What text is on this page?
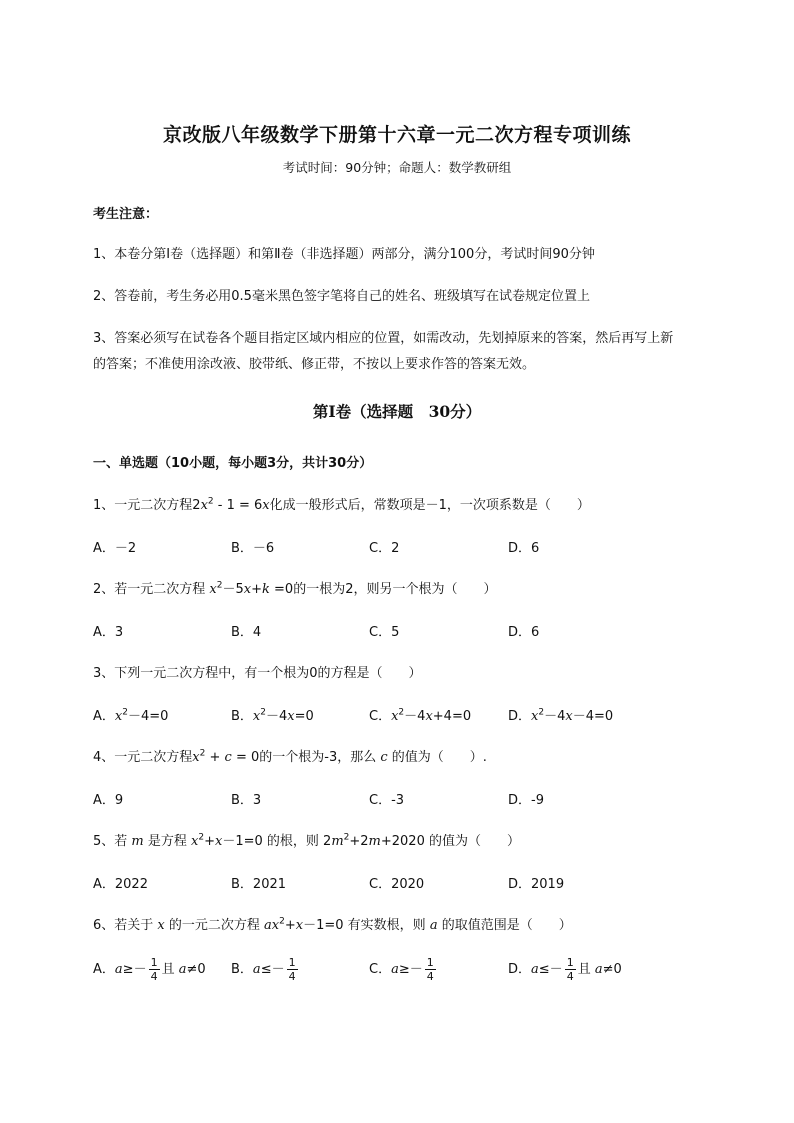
京改版八年级数学下册第十六章一元二次方程专项训练
考试时间：90分钟；命题人：数学教研组
考生注意：
1、本卷分第I卷（选择题）和第Ⅱ卷（非选择题）两部分，满分100分，考试时间90分钟
2、答卷前，考生务必用0.5毫米黑色签字笔将自己的姓名、班级填写在试卷规定位置上
3、答案必须写在试卷各个题目指定区域内相应的位置，如需改动，先划掉原来的答案，然后再写上新
的答案；不准使用涂改液、胶带纸、修正带，不按以上要求作答的答案无效。
第I卷（选择题　30分）
一、单选题（10小题，每小题3分，共计30分）
1、一元二次方程$2x^2 - 1 = 6x$化成一般形式后，常数项是－1，一次项系数是（　　）
A．－2	B．－6	C．2	D．6
2、若一元二次方程 $x^2-5x+k =0$的一根为2，则另一个根为（　　）
A．3	B．4	C．5	D．6
3、下列一元二次方程中，有一个根为0的方程是（　　）
A．$x^2-4=0$	B．$x^2-4x=0$	C．$x^2-4x+4=0$	D．$x^2-4x-4=0$
4、一元二次方程$x^2 + c = 0$的一个根为-3，那么 c 的值为（　　）.
A．9	B．3	C．-3	D．-9
5、若 m 是方程 $x^2+x-1=0$ 的根，则 $2m^2+2m+2020$ 的值为（　　）
A．2022	B．2021	C．2020	D．2019
6、若关于 x 的一元二次方程 $ax^2+x-1=0$ 有实数根，则 a 的取值范围是（　　）
A．$a\ge- \frac{1}{4}$ 且 a≠0 B．$a\le- \frac{1}{4}$	C．$a\ge- \frac{1}{4}$	D．$a\le- \frac{1}{4}$ 且 a≠0
